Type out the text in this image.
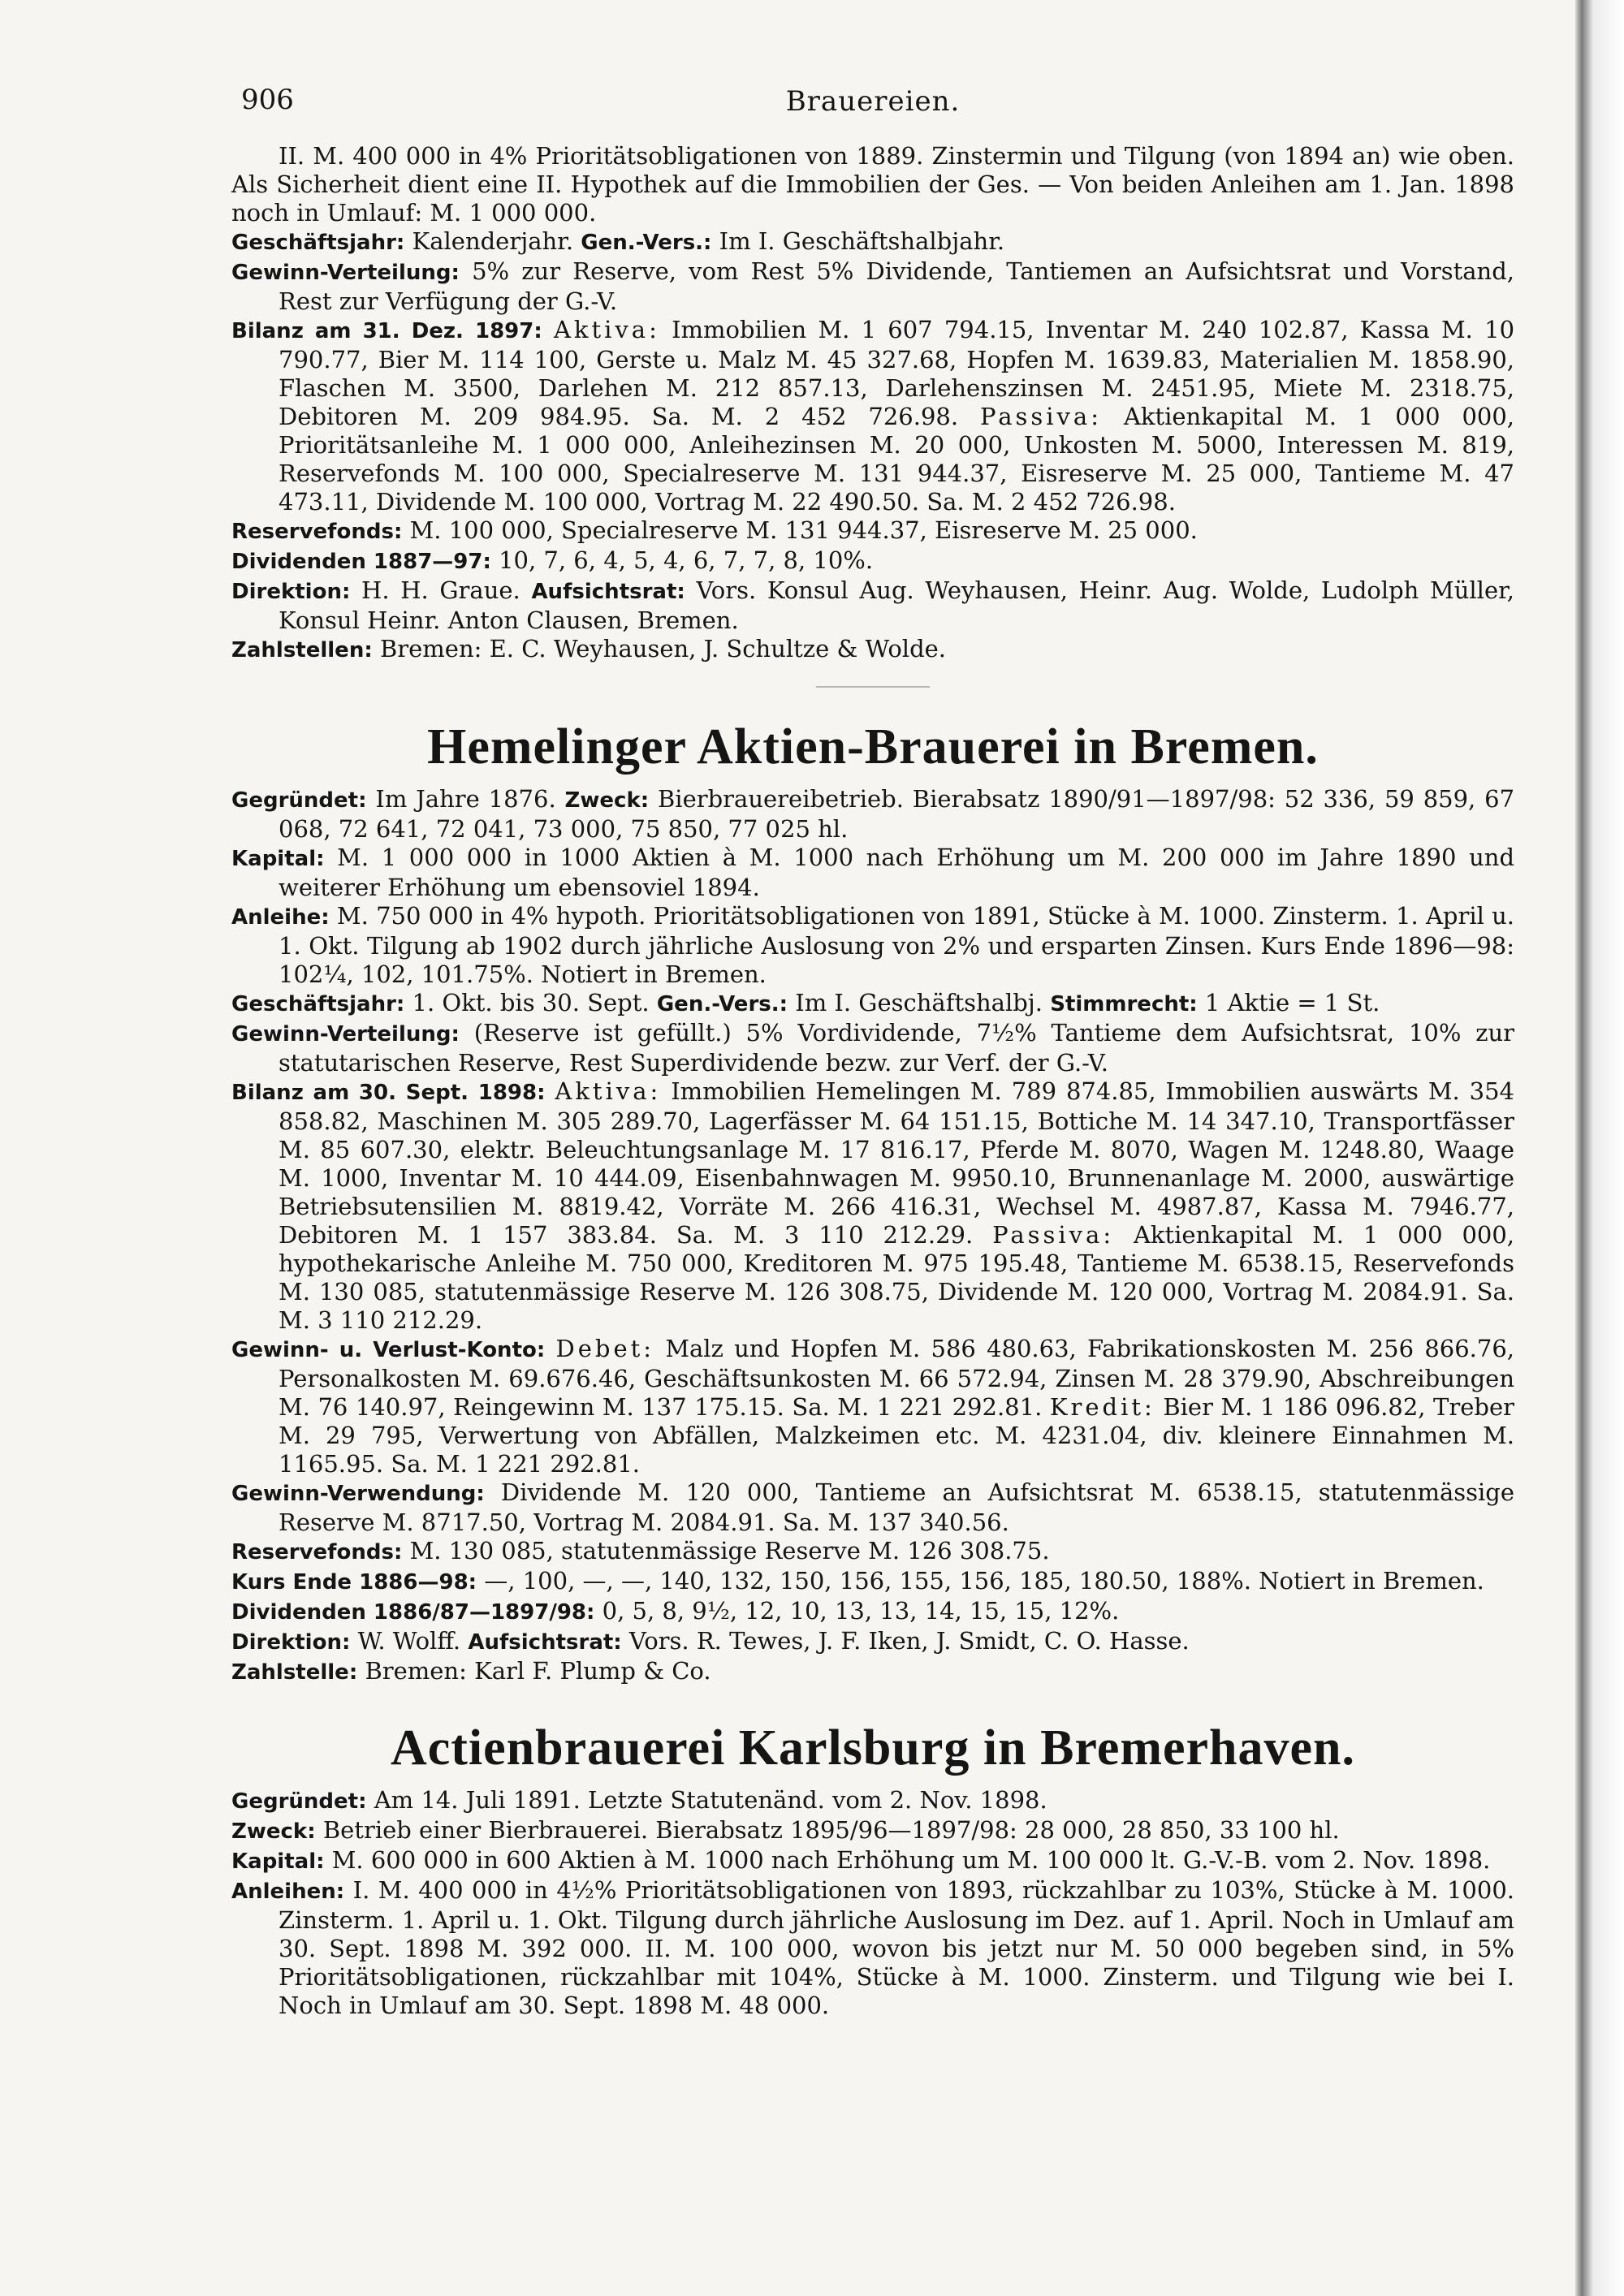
906	Brauereien.

II. M. 400 000 in 4% Prioritätsobligationen von 1889. Zinstermin und Tilgung (von 1894 an) wie oben. Als Sicherheit dient eine II. Hypothek auf die Immobilien der Ges. — Von beiden Anleihen am 1. Jan. 1898 noch in Umlauf: M. 1 000 000.

Geschäftsjahr: Kalenderjahr. Gen.-Vers.: Im I. Geschäftshalbjahr.

Gewinn-Verteilung: 5% zur Reserve, vom Rest 5% Dividende, Tantiemen an Aufsichtsrat und Vorstand, Rest zur Verfügung der G.-V.

Bilanz am 31. Dez. 1897: Aktiva: Immobilien M. 1 607 794.15, Inventar M. 240 102.87, Kassa M. 10 790.77, Bier M. 114 100, Gerste u. Malz M. 45 327.68, Hopfen M. 1639.83, Materialien M. 1858.90, Flaschen M. 3500, Darlehen M. 212 857.13, Darlehenszinsen M. 2451.95, Miete M. 2318.75, Debitoren M. 209 984.95. Sa. M. 2 452 726.98. Passiva: Aktienkapital M. 1 000 000, Prioritätsanleihe M. 1 000 000, Anleihezinsen M. 20 000, Unkosten M. 5000, Interessen M. 819, Reservefonds M. 100 000, Specialreserve M. 131 944.37, Eisreserve M. 25 000, Tantieme M. 47 473.11, Dividende M. 100 000, Vortrag M. 22 490.50. Sa. M. 2 452 726.98.

Reservefonds: M. 100 000, Specialreserve M. 131 944.37, Eisreserve M. 25 000.

Dividenden 1887—97: 10, 7, 6, 4, 5, 4, 6, 7, 7, 8, 10%.

Direktion: H. H. Graue. Aufsichtsrat: Vors. Konsul Aug. Weyhausen, Heinr. Aug. Wolde, Ludolph Müller, Konsul Heinr. Anton Clausen, Bremen.

Zahlstellen: Bremen: E. C. Weyhausen, J. Schultze & Wolde.

Hemelinger Aktien-Brauerei in Bremen.

Gegründet: Im Jahre 1876. Zweck: Bierbrauereibetrieb. Bierabsatz 1890/91—1897/98: 52 336, 59 859, 67 068, 72 641, 72 041, 73 000, 75 850, 77 025 hl.

Kapital: M. 1 000 000 in 1000 Aktien à M. 1000 nach Erhöhung um M. 200 000 im Jahre 1890 und weiterer Erhöhung um ebensoviel 1894.

Anleihe: M. 750 000 in 4% hypoth. Prioritätsobligationen von 1891, Stücke à M. 1000. Zinsterm. 1. April u. 1. Okt. Tilgung ab 1902 durch jährliche Auslosung von 2% und ersparten Zinsen. Kurs Ende 1896—98: 102¼, 102, 101.75%. Notiert in Bremen.

Geschäftsjahr: 1. Okt. bis 30. Sept. Gen.-Vers.: Im I. Geschäftshalbj. Stimmrecht: 1 Aktie = 1 St.

Gewinn-Verteilung: (Reserve ist gefüllt.) 5% Vordividende, 7½% Tantieme dem Aufsichtsrat, 10% zur statutarischen Reserve, Rest Superdividende bezw. zur Verf. der G.-V.

Bilanz am 30. Sept. 1898: Aktiva: Immobilien Hemelingen M. 789 874.85, Immobilien auswärts M. 354 858.82, Maschinen M. 305 289.70, Lagerfässer M. 64 151.15, Bottiche M. 14 347.10, Transportfässer M. 85 607.30, elektr. Beleuchtungsanlage M. 17 816.17, Pferde M. 8070, Wagen M. 1248.80, Waage M. 1000, Inventar M. 10 444.09, Eisenbahnwagen M. 9950.10, Brunnenanlage M. 2000, auswärtige Betriebsutensilien M. 8819.42, Vorräte M. 266 416.31, Wechsel M. 4987.87, Kassa M. 7946.77, Debitoren M. 1 157 383.84. Sa. M. 3 110 212.29. Passiva: Aktienkapital M. 1 000 000, hypothekarische Anleihe M. 750 000, Kreditoren M. 975 195.48, Tantieme M. 6538.15, Reservefonds M. 130 085, statutenmässige Reserve M. 126 308.75, Dividende M. 120 000, Vortrag M. 2084.91. Sa. M. 3 110 212.29.

Gewinn- u. Verlust-Konto: Debet: Malz und Hopfen M. 586 480.63, Fabrikationskosten M. 256 866.76, Personalkosten M. 69.676.46, Geschäftsunkosten M. 66 572.94, Zinsen M. 28 379.90, Abschreibungen M. 76 140.97, Reingewinn M. 137 175.15. Sa. M. 1 221 292.81. Kredit: Bier M. 1 186 096.82, Treber M. 29 795, Verwertung von Abfällen, Malzkeimen etc. M. 4231.04, div. kleinere Einnahmen M. 1165.95. Sa. M. 1 221 292.81.

Gewinn-Verwendung: Dividende M. 120 000, Tantieme an Aufsichtsrat M. 6538.15, statutenmässige Reserve M. 8717.50, Vortrag M. 2084.91. Sa. M. 137 340.56.

Reservefonds: M. 130 085, statutenmässige Reserve M. 126 308.75.

Kurs Ende 1886—98: —, 100, —, —, 140, 132, 150, 156, 155, 156, 185, 180.50, 188%. Notiert in Bremen.

Dividenden 1886/87—1897/98: 0, 5, 8, 9½, 12, 10, 13, 13, 14, 15, 15, 12%.

Direktion: W. Wolff. Aufsichtsrat: Vors. R. Tewes, J. F. Iken, J. Smidt, C. O. Hasse.

Zahlstelle: Bremen: Karl F. Plump & Co.

Actienbrauerei Karlsburg in Bremerhaven.

Gegründet: Am 14. Juli 1891. Letzte Statutenänd. vom 2. Nov. 1898.

Zweck: Betrieb einer Bierbrauerei. Bierabsatz 1895/96—1897/98: 28 000, 28 850, 33 100 hl.

Kapital: M. 600 000 in 600 Aktien à M. 1000 nach Erhöhung um M. 100 000 lt. G.-V.-B. vom 2. Nov. 1898.

Anleihen: I. M. 400 000 in 4½% Prioritätsobligationen von 1893, rückzahlbar zu 103%, Stücke à M. 1000. Zinsterm. 1. April u. 1. Okt. Tilgung durch jährliche Auslosung im Dez. auf 1. April. Noch in Umlauf am 30. Sept. 1898 M. 392 000. II. M. 100 000, wovon bis jetzt nur M. 50 000 begeben sind, in 5% Prioritätsobligationen, rückzahlbar mit 104%, Stücke à M. 1000. Zinsterm. und Tilgung wie bei I. Noch in Umlauf am 30. Sept. 1898 M. 48 000.
